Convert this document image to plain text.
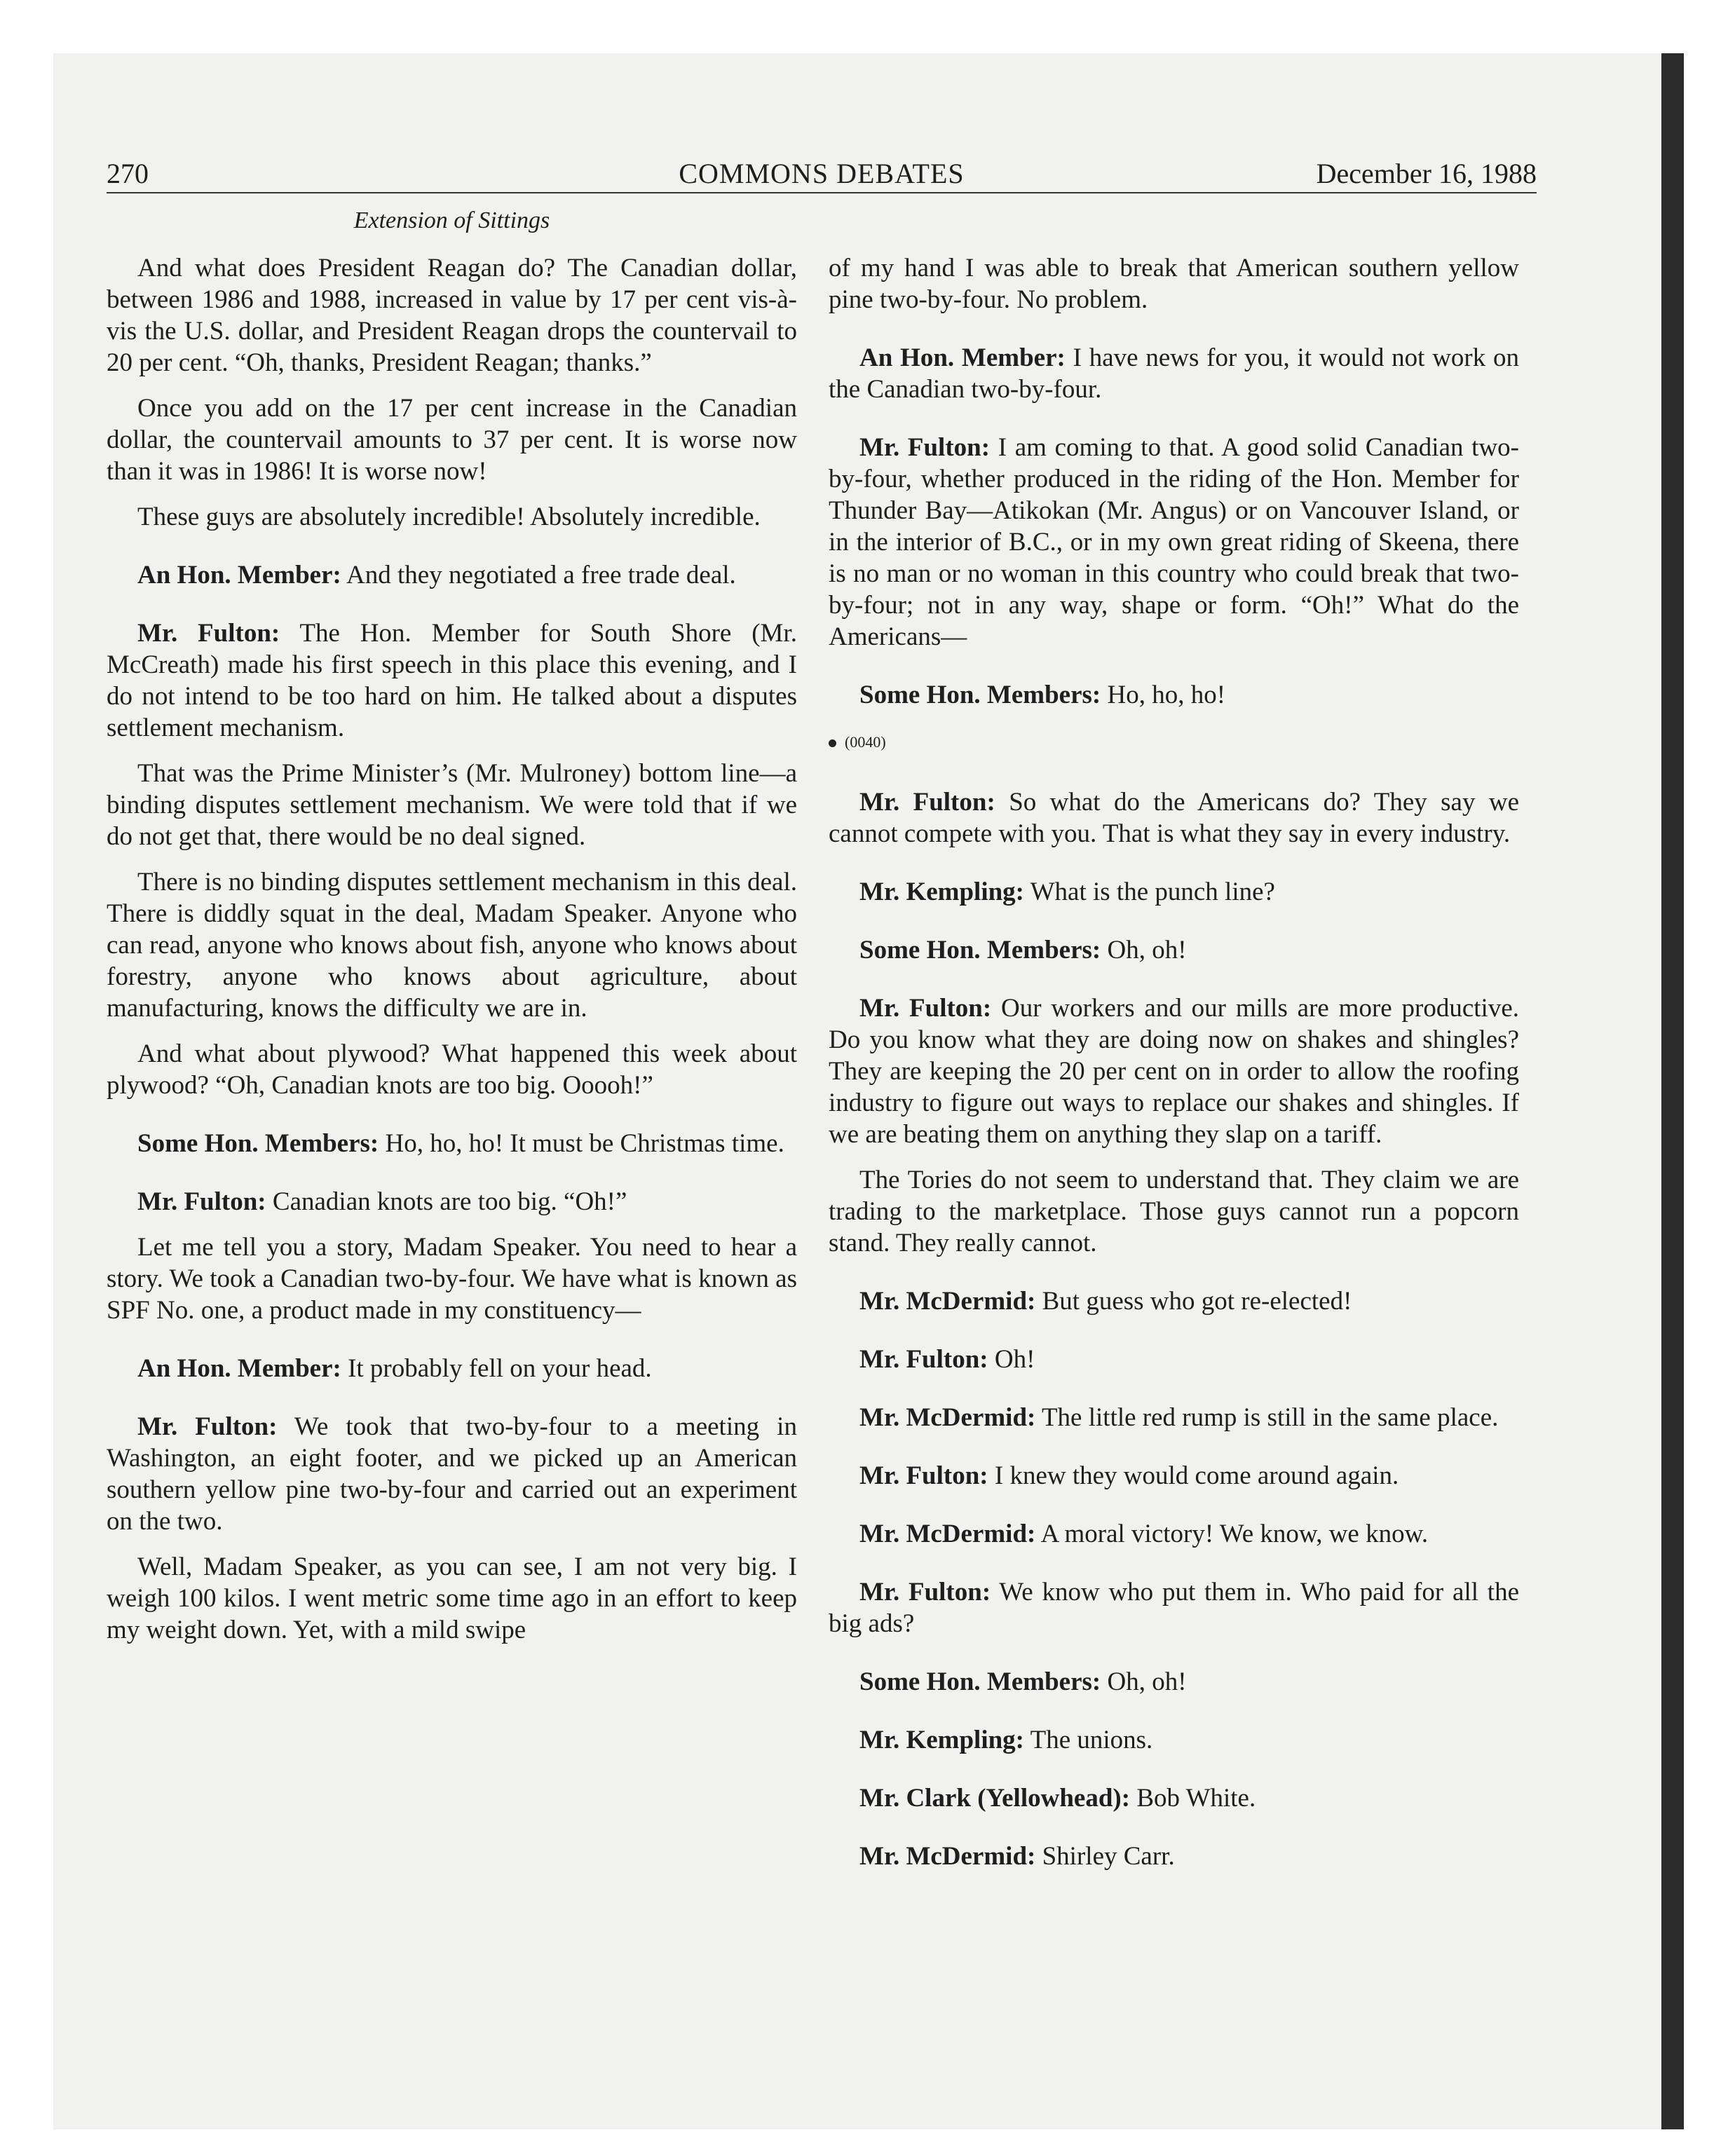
270	COMMONS DEBATES	December 16, 1988
Extension of Sittings

And what does President Reagan do? The Canadian dollar, between 1986 and 1988, increased in value by 17 per cent vis-à-vis the U.S. dollar, and President Reagan drops the countervail to 20 per cent. “Oh, thanks, President Reagan; thanks.”

Once you add on the 17 per cent increase in the Canadian dollar, the countervail amounts to 37 per cent. It is worse now than it was in 1986! It is worse now!

These guys are absolutely incredible! Absolutely incredible.

An Hon. Member: And they negotiated a free trade deal.

Mr. Fulton: The Hon. Member for South Shore (Mr. McCreath) made his first speech in this place this evening, and I do not intend to be too hard on him. He talked about a disputes settlement mechanism.

That was the Prime Minister’s (Mr. Mulroney) bottom line—a binding disputes settlement mechanism. We were told that if we do not get that, there would be no deal signed.

There is no binding disputes settlement mechanism in this deal. There is diddly squat in the deal, Madam Speaker. Anyone who can read, anyone who knows about fish, anyone who knows about forestry, anyone who knows about agriculture, about manufacturing, knows the difficulty we are in.

And what about plywood? What happened this week about plywood? “Oh, Canadian knots are too big. Ooooh!”

Some Hon. Members: Ho, ho, ho! It must be Christmas time.

Mr. Fulton: Canadian knots are too big. “Oh!”

Let me tell you a story, Madam Speaker. You need to hear a story. We took a Canadian two-by-four. We have what is known as SPF No. one, a product made in my constituency—

An Hon. Member: It probably fell on your head.

Mr. Fulton: We took that two-by-four to a meeting in Washington, an eight footer, and we picked up an American southern yellow pine two-by-four and carried out an experiment on the two.

Well, Madam Speaker, as you can see, I am not very big. I weigh 100 kilos. I went metric some time ago in an effort to keep my weight down. Yet, with a mild swipe

of my hand I was able to break that American southern yellow pine two-by-four. No problem.

An Hon. Member: I have news for you, it would not work on the Canadian two-by-four.

Mr. Fulton: I am coming to that. A good solid Canadian two-by-four, whether produced in the riding of the Hon. Member for Thunder Bay—Atikokan (Mr. Angus) or on Vancouver Island, or in the interior of B.C., or in my own great riding of Skeena, there is no man or no woman in this country who could break that two-by-four; not in any way, shape or form. “Oh!” What do the Americans—

Some Hon. Members: Ho, ho, ho!

(0040)

Mr. Fulton: So what do the Americans do? They say we cannot compete with you. That is what they say in every industry.

Mr. Kempling: What is the punch line?

Some Hon. Members: Oh, oh!

Mr. Fulton: Our workers and our mills are more productive. Do you know what they are doing now on shakes and shingles? They are keeping the 20 per cent on in order to allow the roofing industry to figure out ways to replace our shakes and shingles. If we are beating them on anything they slap on a tariff.

The Tories do not seem to understand that. They claim we are trading to the marketplace. Those guys cannot run a popcorn stand. They really cannot.

Mr. McDermid: But guess who got re-elected!

Mr. Fulton: Oh!

Mr. McDermid: The little red rump is still in the same place.

Mr. Fulton: I knew they would come around again.

Mr. McDermid: A moral victory! We know, we know.

Mr. Fulton: We know who put them in. Who paid for all the big ads?

Some Hon. Members: Oh, oh!

Mr. Kempling: The unions.

Mr. Clark (Yellowhead): Bob White.

Mr. McDermid: Shirley Carr.
